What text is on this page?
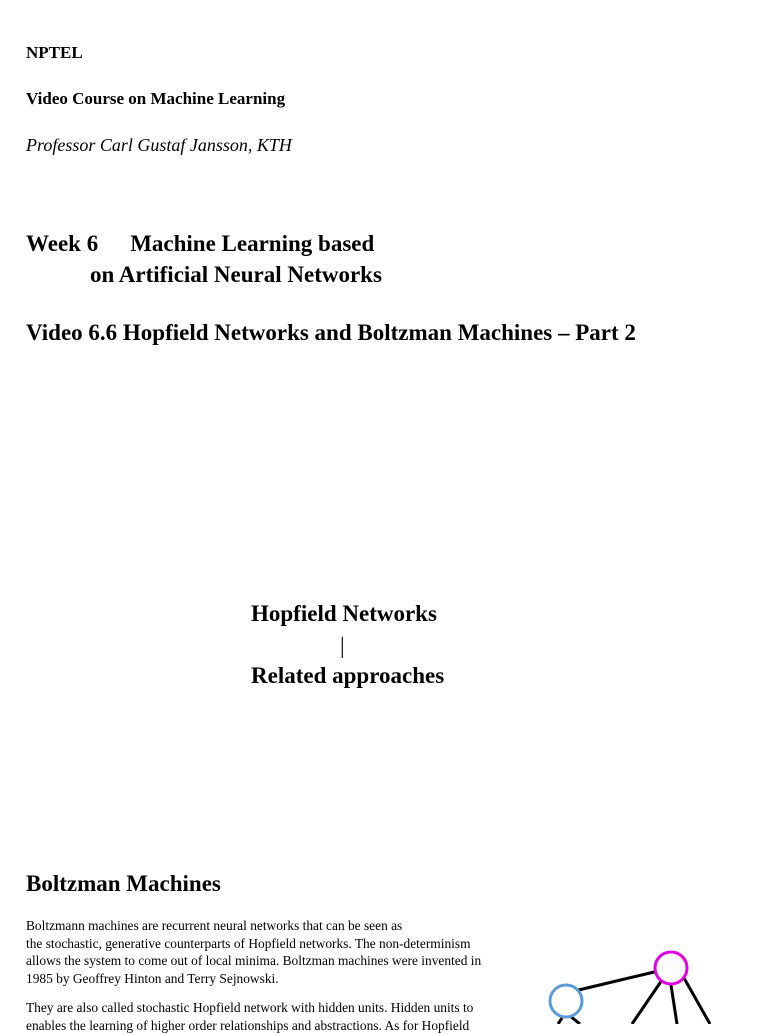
NPTEL
Video Course on Machine Learning
Professor Carl Gustaf Jansson, KTH
Week 6 Machine Learning based
on Artificial Neural Networks
Video 6.6 Hopfield Networks and Boltzman Machines – Part 2
Hopfield Networks
|
Related approaches
Boltzman Machines
Boltzmann machines are recurrent neural networks that can be seen as
the stochastic, generative counterparts of Hopfield networks. The non-determinism
allows the system to come out of local minima. Boltzman machines were invented in
1985 by Geoffrey Hinton and Terry Sejnowski.
They are also called stochastic Hopfield network with hidden units. Hidden units to
enables the learning of higher order relationships and abstractions. As for Hopfield
